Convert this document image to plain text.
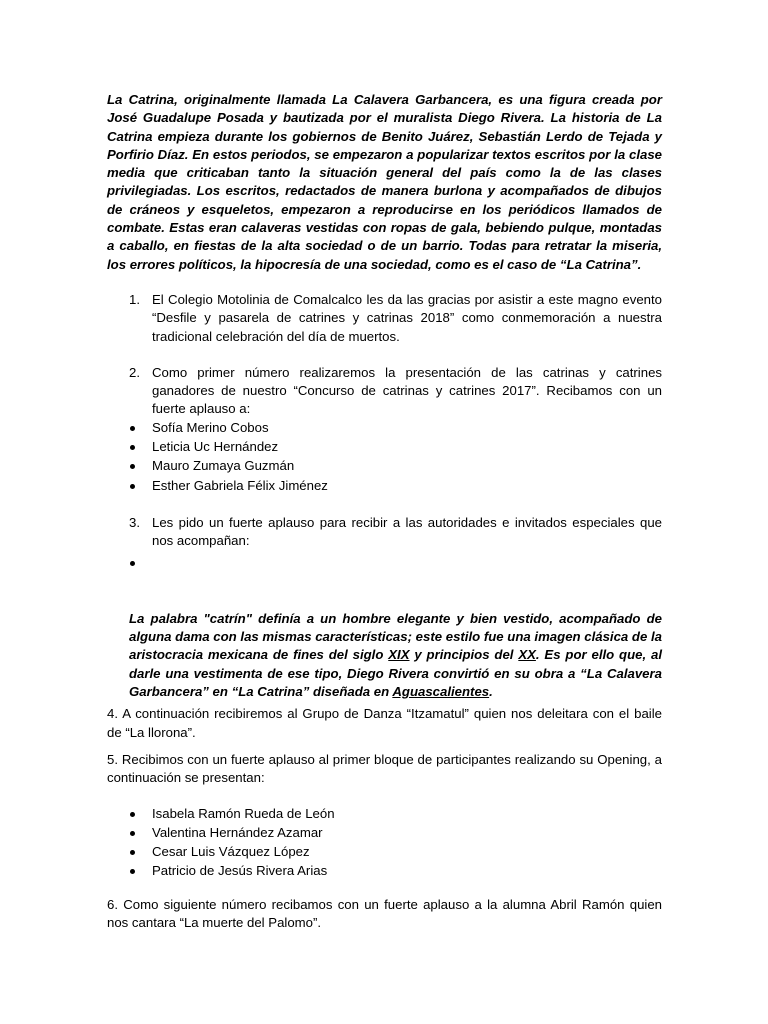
La Catrina, originalmente llamada La Calavera Garbancera, es una figura creada por José Guadalupe Posada y bautizada por el muralista Diego Rivera. La historia de La Catrina empieza durante los gobiernos de Benito Juárez, Sebastián Lerdo de Tejada y Porfirio Díaz. En estos periodos, se empezaron a popularizar textos escritos por la clase media que criticaban tanto la situación general del país como la de las clases privilegiadas. Los escritos, redactados de manera burlona y acompañados de dibujos de cráneos y esqueletos, empezaron a reproducirse en los periódicos llamados de combate. Estas eran calaveras vestidas con ropas de gala, bebiendo pulque, montadas a caballo, en fiestas de la alta sociedad o de un barrio. Todas para retratar la miseria, los errores políticos, la hipocresía de una sociedad, como es el caso de “La Catrina”.

1. El Colegio Motolinia de Comalcalco les da las gracias por asistir a este magno evento “Desfile y pasarela de catrines y catrinas 2018” como conmemoración a nuestra tradicional celebración del día de muertos.

2. Como primer número realizaremos la presentación de las catrinas y catrines ganadores de nuestro “Concurso de catrinas y catrines 2017”. Recibamos con un fuerte aplauso a:

Sofía Merino Cobos
Leticia Uc Hernández
Mauro Zumaya Guzmán
Esther Gabriela Félix Jiménez
3. Les pido un fuerte aplauso para recibir a las autoridades e invitados especiales que nos acompañan:

La palabra "catrín" definía a un hombre elegante y bien vestido, acompañado de alguna dama con las mismas características; este estilo fue una imagen clásica de la aristocracia mexicana de fines del siglo XIX y principios del XX. Es por ello que, al darle una vestimenta de ese tipo, Diego Rivera convirtió en su obra a “La Calavera Garbancera” en “La Catrina” diseñada en Aguascalientes.

4. A continuación recibiremos al Grupo de Danza “Itzamatul” quien nos deleitara con el baile de “La llorona”.

5. Recibimos con un fuerte aplauso al primer bloque de participantes realizando su Opening, a continuación se presentan:

Isabela Ramón Rueda de León
Valentina Hernández Azamar
Cesar Luis Vázquez López
Patricio de Jesús Rivera Arias

6. Como siguiente número recibamos con un fuerte aplauso a la alumna Abril Ramón quien nos cantara “La muerte del Palomo”.
